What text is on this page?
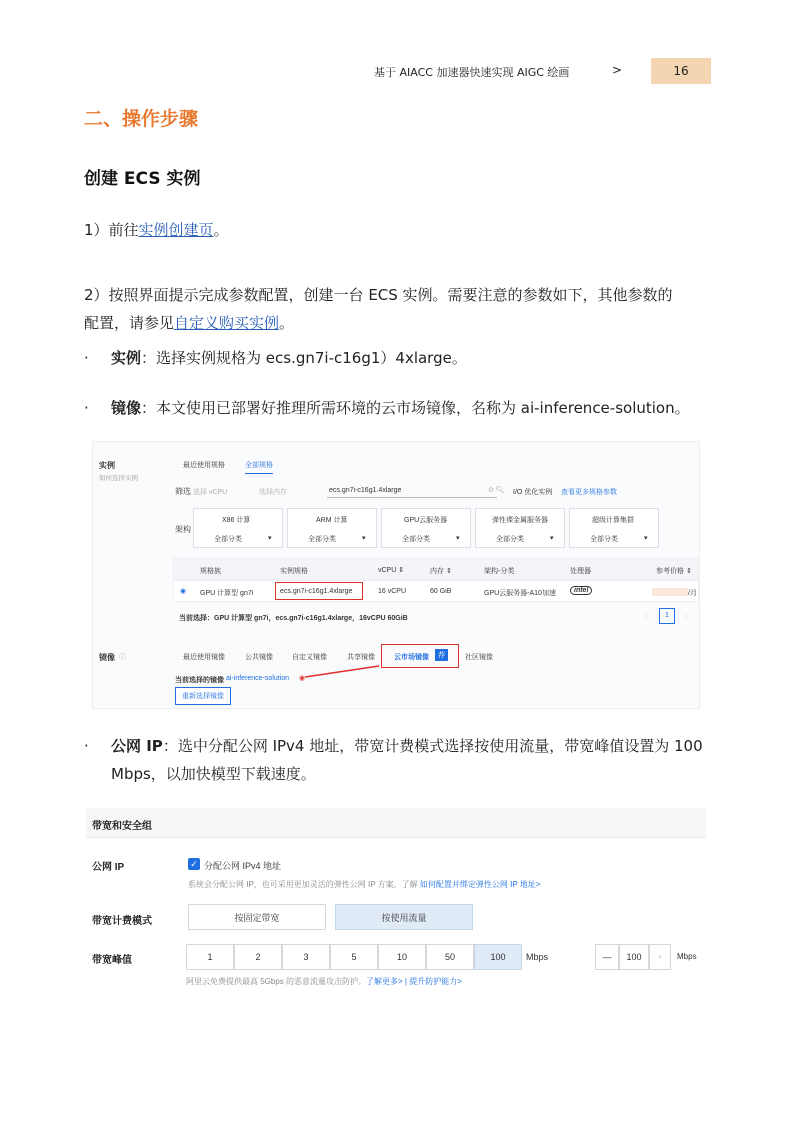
基于 AIACC 加速器快速实现 AIGC 绘画	>	16
二、操作步骤
创建 ECS 实例
1）前往实例创建页。
2）按照界面提示完成参数配置，创建一台 ECS 实例。需要注意的参数如下，其他参数的
配置，请参见自定义购买实例。
· 实例：选择实例规格为 ecs.gn7i-c16g1）4xlarge。
· 镜像：本文使用已部署好推理所需环境的云市场镜像，名称为 ai-inference-solution。
实例
如何选择实例
最近使用规格	全部规格
筛选 选择 vCPU	选择内存	ecs.gn7i-c16g1.4xlarge	⊙ 🔍︎ I/O 优化实例 查看更多规格参数
架构
X86 计算
全部分类	▾
ARM 计算
全部分类	▾
GPU云服务器
全部分类	▾
弹性裸金属服务器
全部分类	▾
超级计算集群
全部分类	▾
规格族	实例规格	vCPU ⇕	内存 ⇕	架构-分类	处理器	参考价格 ⇕
◉ GPU 计算型 gn7i	ecs.gn7i-c16g1.4xlarge	16 vCPU	60 GiB	GPU云服务器-A10加速	intel	/月
当前选择：GPU 计算型 gn7i，ecs.gn7i-c16g1.4xlarge，16vCPU 60GiB	‹	1	›
镜像 ⓘ	最近使用镜像	公共镜像	自定义镜像	共享镜像	云市场镜像	荐	社区镜像
当前选择的镜像 ai-inference-solution ◉
重新选择镜像
· 公网 IP：选中分配公网 IPv4 地址，带宽计费模式选择按使用流量，带宽峰值设置为 100
Mbps，以加快模型下载速度。
带宽和安全组
公网 IP	✓ 分配公网 IPv4 地址
系统会分配公网 IP，也可采用更加灵活的弹性公网 IP 方案，了解 如何配置并绑定弹性公网 IP 地址>
带宽计费模式	按固定带宽	按使用流量
带宽峰值	1	2	3	5	10	50	100	Mbps	—	100	+	Mbps
阿里云免费提供最高 5Gbps 的恶意流量攻击防护。了解更多> | 提升防护能力>
